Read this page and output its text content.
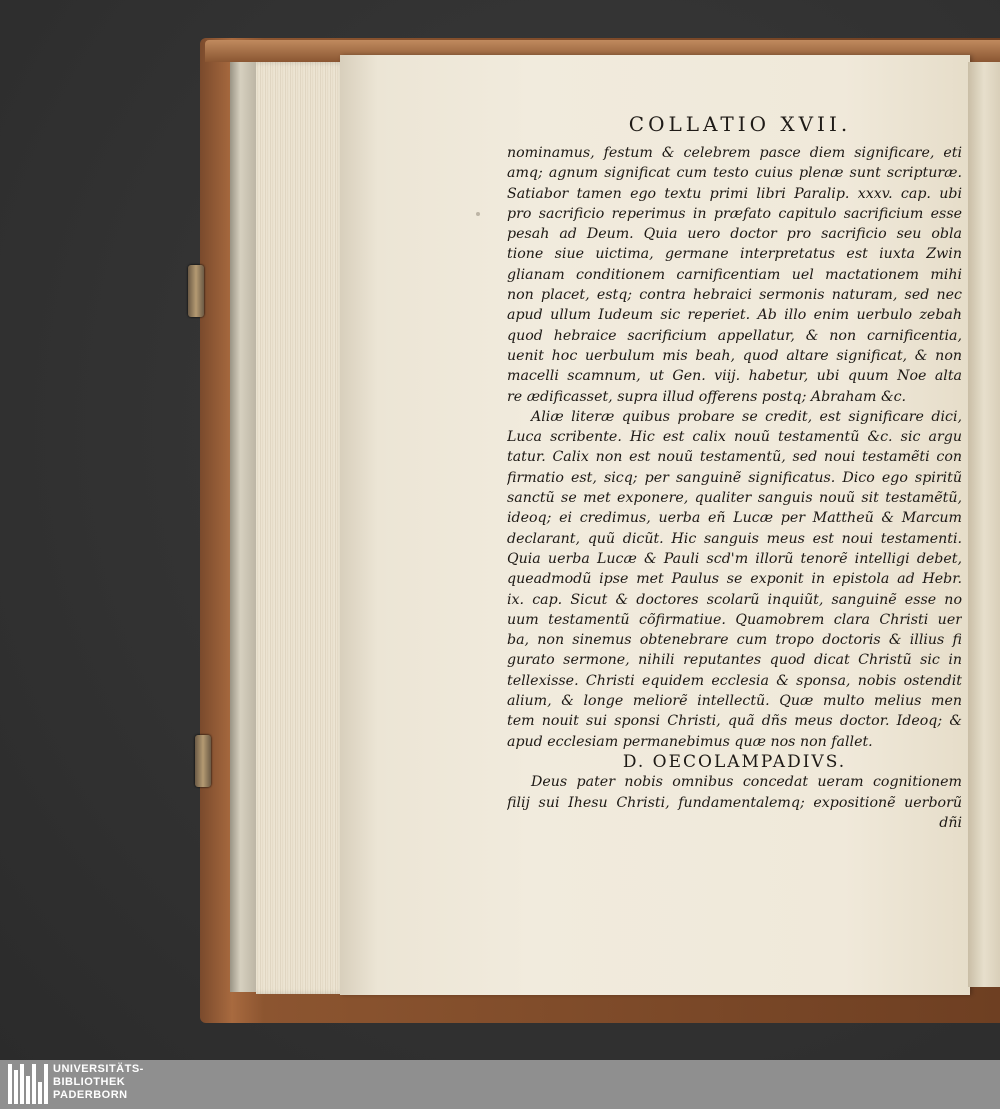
COLLATIO XVII.
nominamus, festum & celebrem pasce diem significare, eti
amq; agnum significat cum testo cuius plenæ sunt scripturæ.
Satiabor tamen ego textu primi libri Paralip. xxxv. cap. ubi
pro sacrificio reperimus in præfato capitulo sacrificium esse
pesah ad Deum. Quia uero doctor pro sacrificio seu obla
tione siue uictima, germane interpretatus est iuxta Zwin
glianam conditionem carnificentiam uel mactationem mihi
non placet, estq; contra hebraici sermonis naturam, sed nec
apud ullum Iudeum sic reperiet. Ab illo enim uerbulo zebah
quod hebraice sacrificium appellatur, & non carnificentia,
uenit hoc uerbulum mis beah, quod altare significat, & non
macelli scamnum, ut Gen. viij. habetur, ubi quum Noe alta
re ædificasset, supra illud offerens postq; Abraham &c.
Aliæ literæ quibus probare se credit, est significare dici,
Luca scribente. Hic est calix nouũ testamentũ &c. sic argu
tatur. Calix non est nouũ testamentũ, sed noui testamẽti con
firmatio est, sicq; per sanguinẽ significatus. Dico ego spiritũ
sanctũ se met exponere, qualiter sanguis nouũ sit testamẽtũ,
ideoq; ei credimus, uerba eñ Lucæ per Mattheũ & Marcum
declarant, quũ dicũt. Hic sanguis meus est noui testamenti.
Quia uerba Lucæ & Pauli scd'm illorũ tenorẽ intelligi debet,
queadmodũ ipse met Paulus se exponit in epistola ad Hebr.
ix. cap. Sicut & doctores scolarũ inquiũt, sanguinẽ esse no
uum testamentũ cõfirmatiue. Quamobrem clara Christi uer
ba, non sinemus obtenebrare cum tropo doctoris & illius fi
gurato sermone, nihili reputantes quod dicat Christũ sic in
tellexisse. Christi equidem ecclesia & sponsa, nobis ostendit
alium, & longe meliorẽ intellectũ. Quæ multo melius men
tem nouit sui sponsi Christi, quã dñs meus doctor. Ideoq; &
apud ecclesiam permanebimus quæ nos non fallet.
D. OECOLAMPADIVS.
Deus pater nobis omnibus concedat ueram cognitionem
filij sui Ihesu Christi, fundamentalemq; expositionẽ uerborũ
dñi
UNIVERSITÄTS-
BIBLIOTHEK
PADERBORN
